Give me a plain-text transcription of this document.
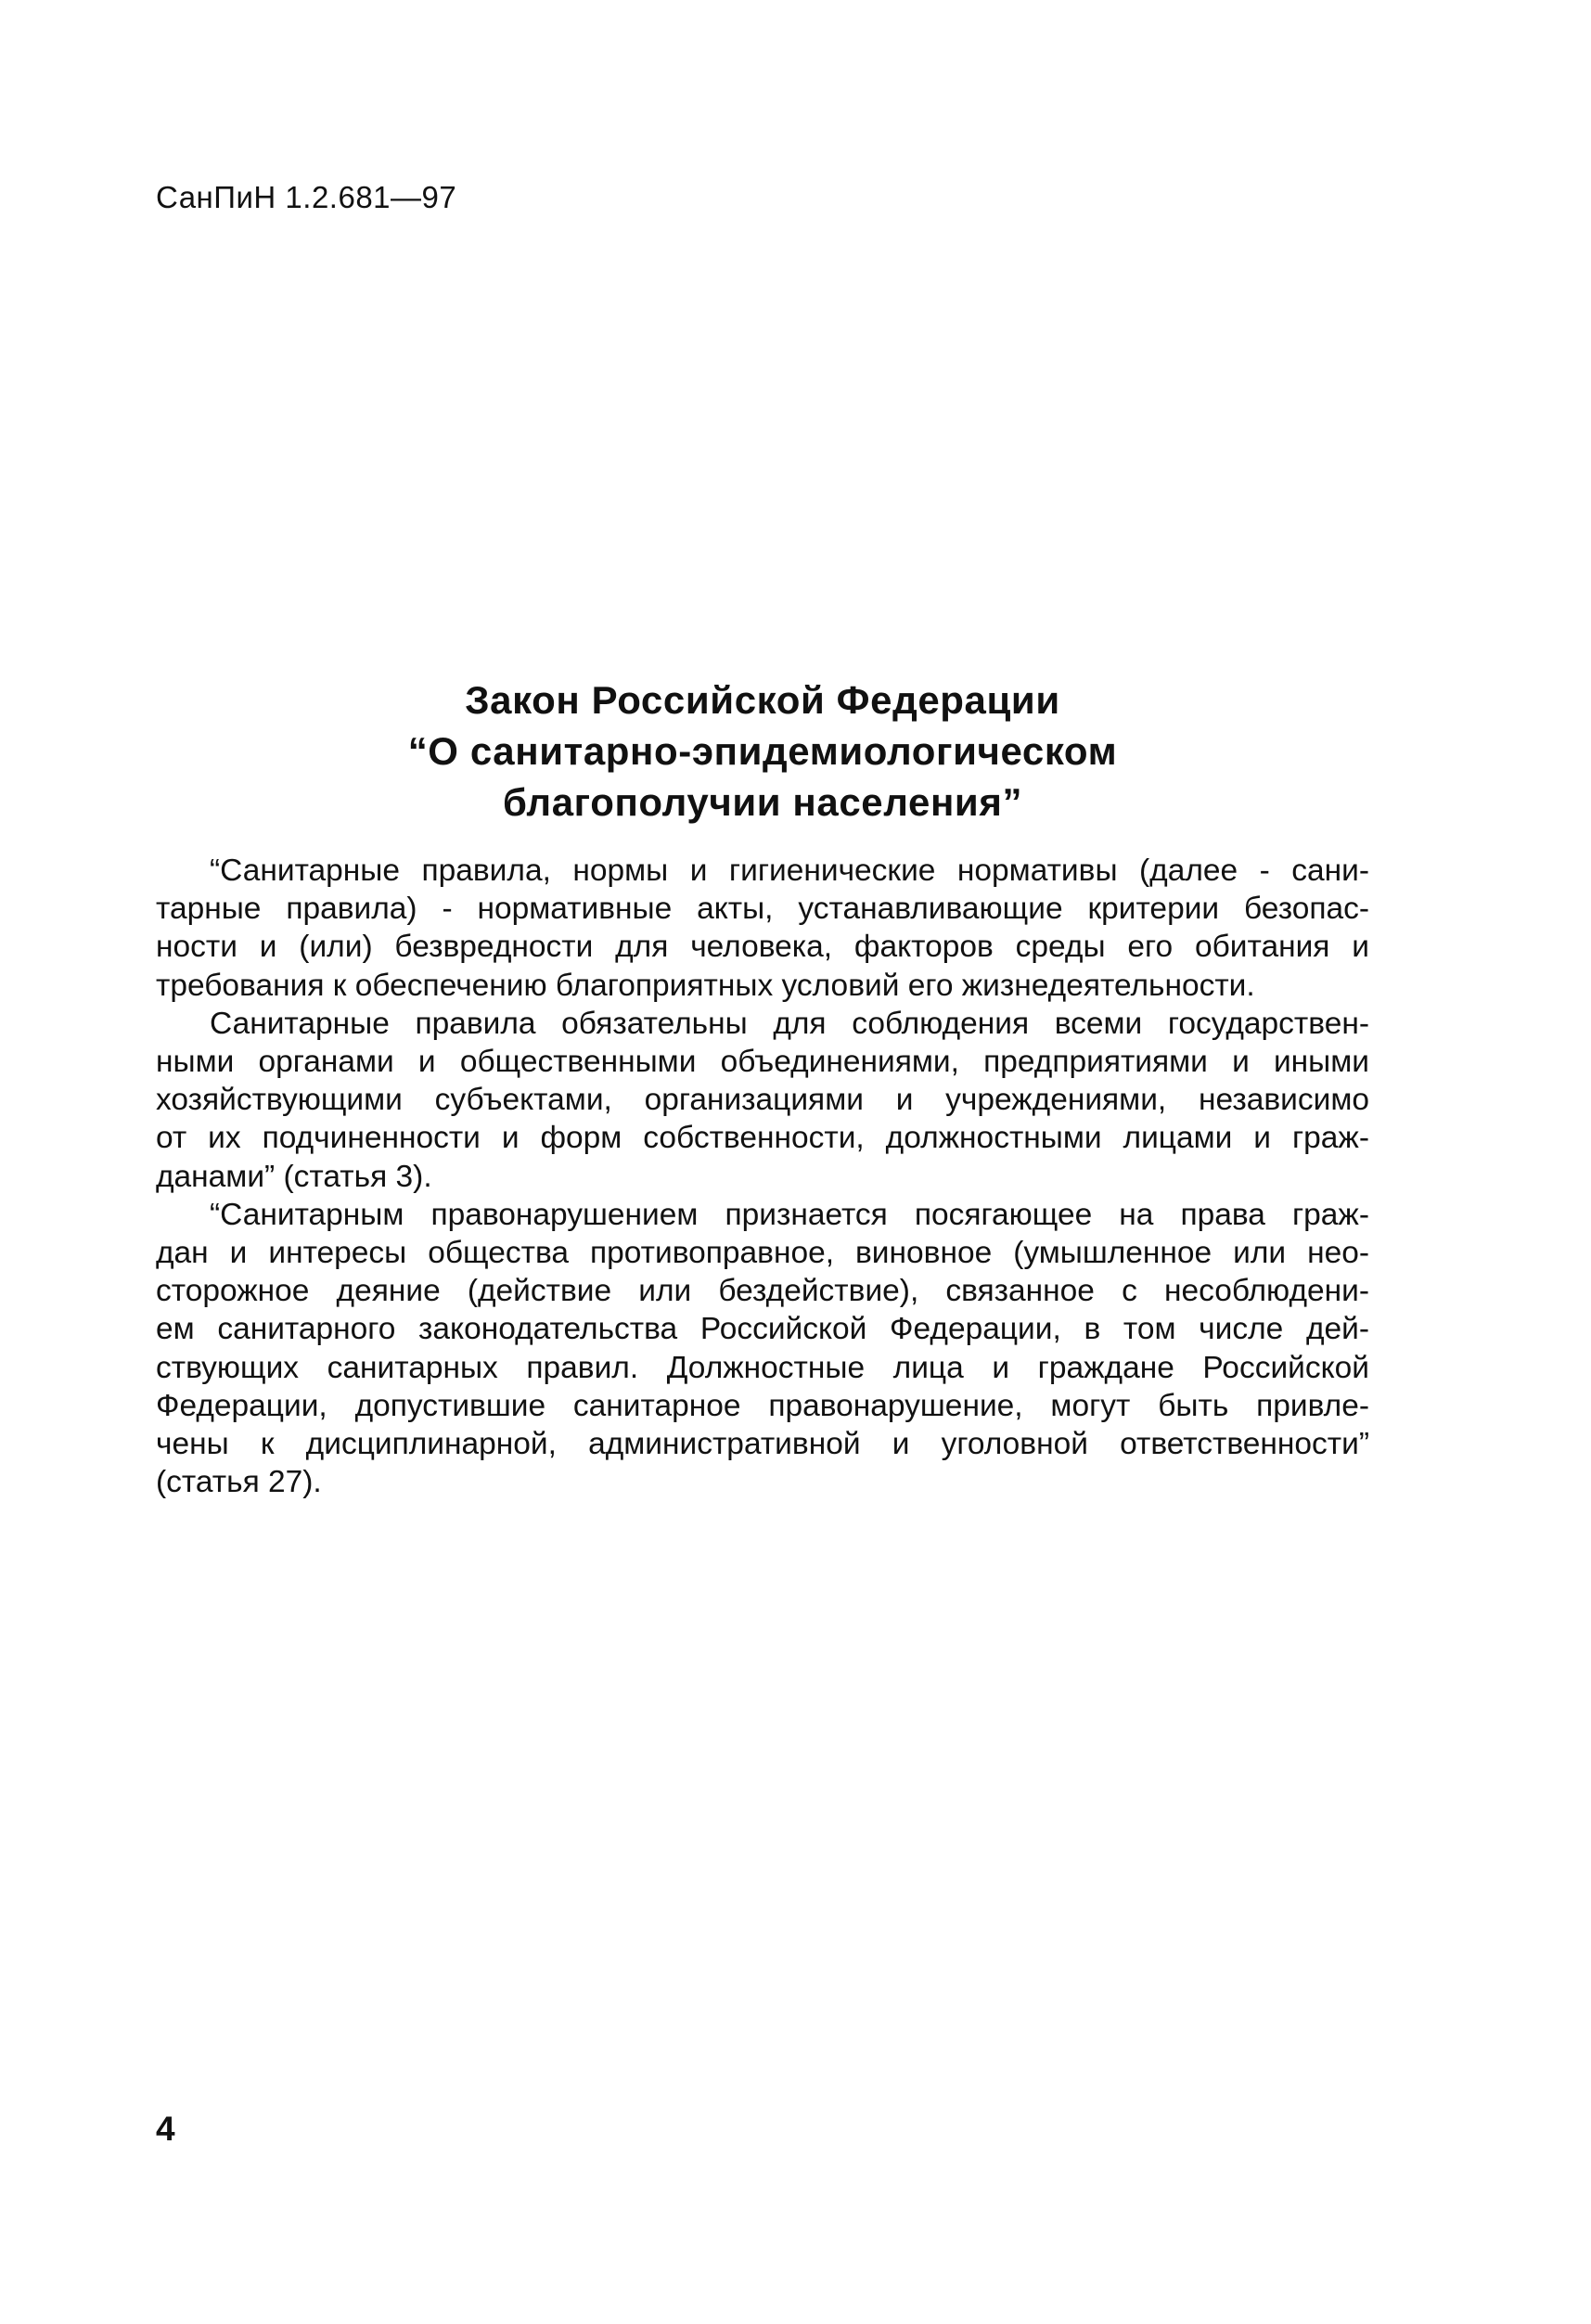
СанПиН 1.2.681—97
Закон Российской Федерации
“О санитарно-эпидемиологическом
благополучии населения”

“Санитарные правила, нормы и гигиенические нормативы (далее - сани-
тарные правила) - нормативные акты, устанавливающие критерии безопас-
ности и (или) безвредности для человека, факторов среды его обитания и
требования к обеспечению благоприятных условий его жизнедеятельности.

Санитарные правила обязательны для соблюдения всеми государствен-
ными органами и общественными объединениями, предприятиями и иными
хозяйствующими субъектами, организациями и учреждениями, независимо
от их подчиненности и форм собственности, должностными лицами и граж-
данами” (статья 3).

“Санитарным правонарушением признается посягающее на права граж-
дан и интересы общества противоправное, виновное (умышленное или нео-
сторожное деяние (действие или бездействие), связанное с несоблюдени-
ем санитарного законодательства Российской Федерации, в том числе дей-
ствующих санитарных правил. Должностные лица и граждане Российской
Федерации, допустившие санитарное правонарушение, могут быть привле-
чены к дисциплинарной, административной и уголовной ответственности”
(статья 27).

4
